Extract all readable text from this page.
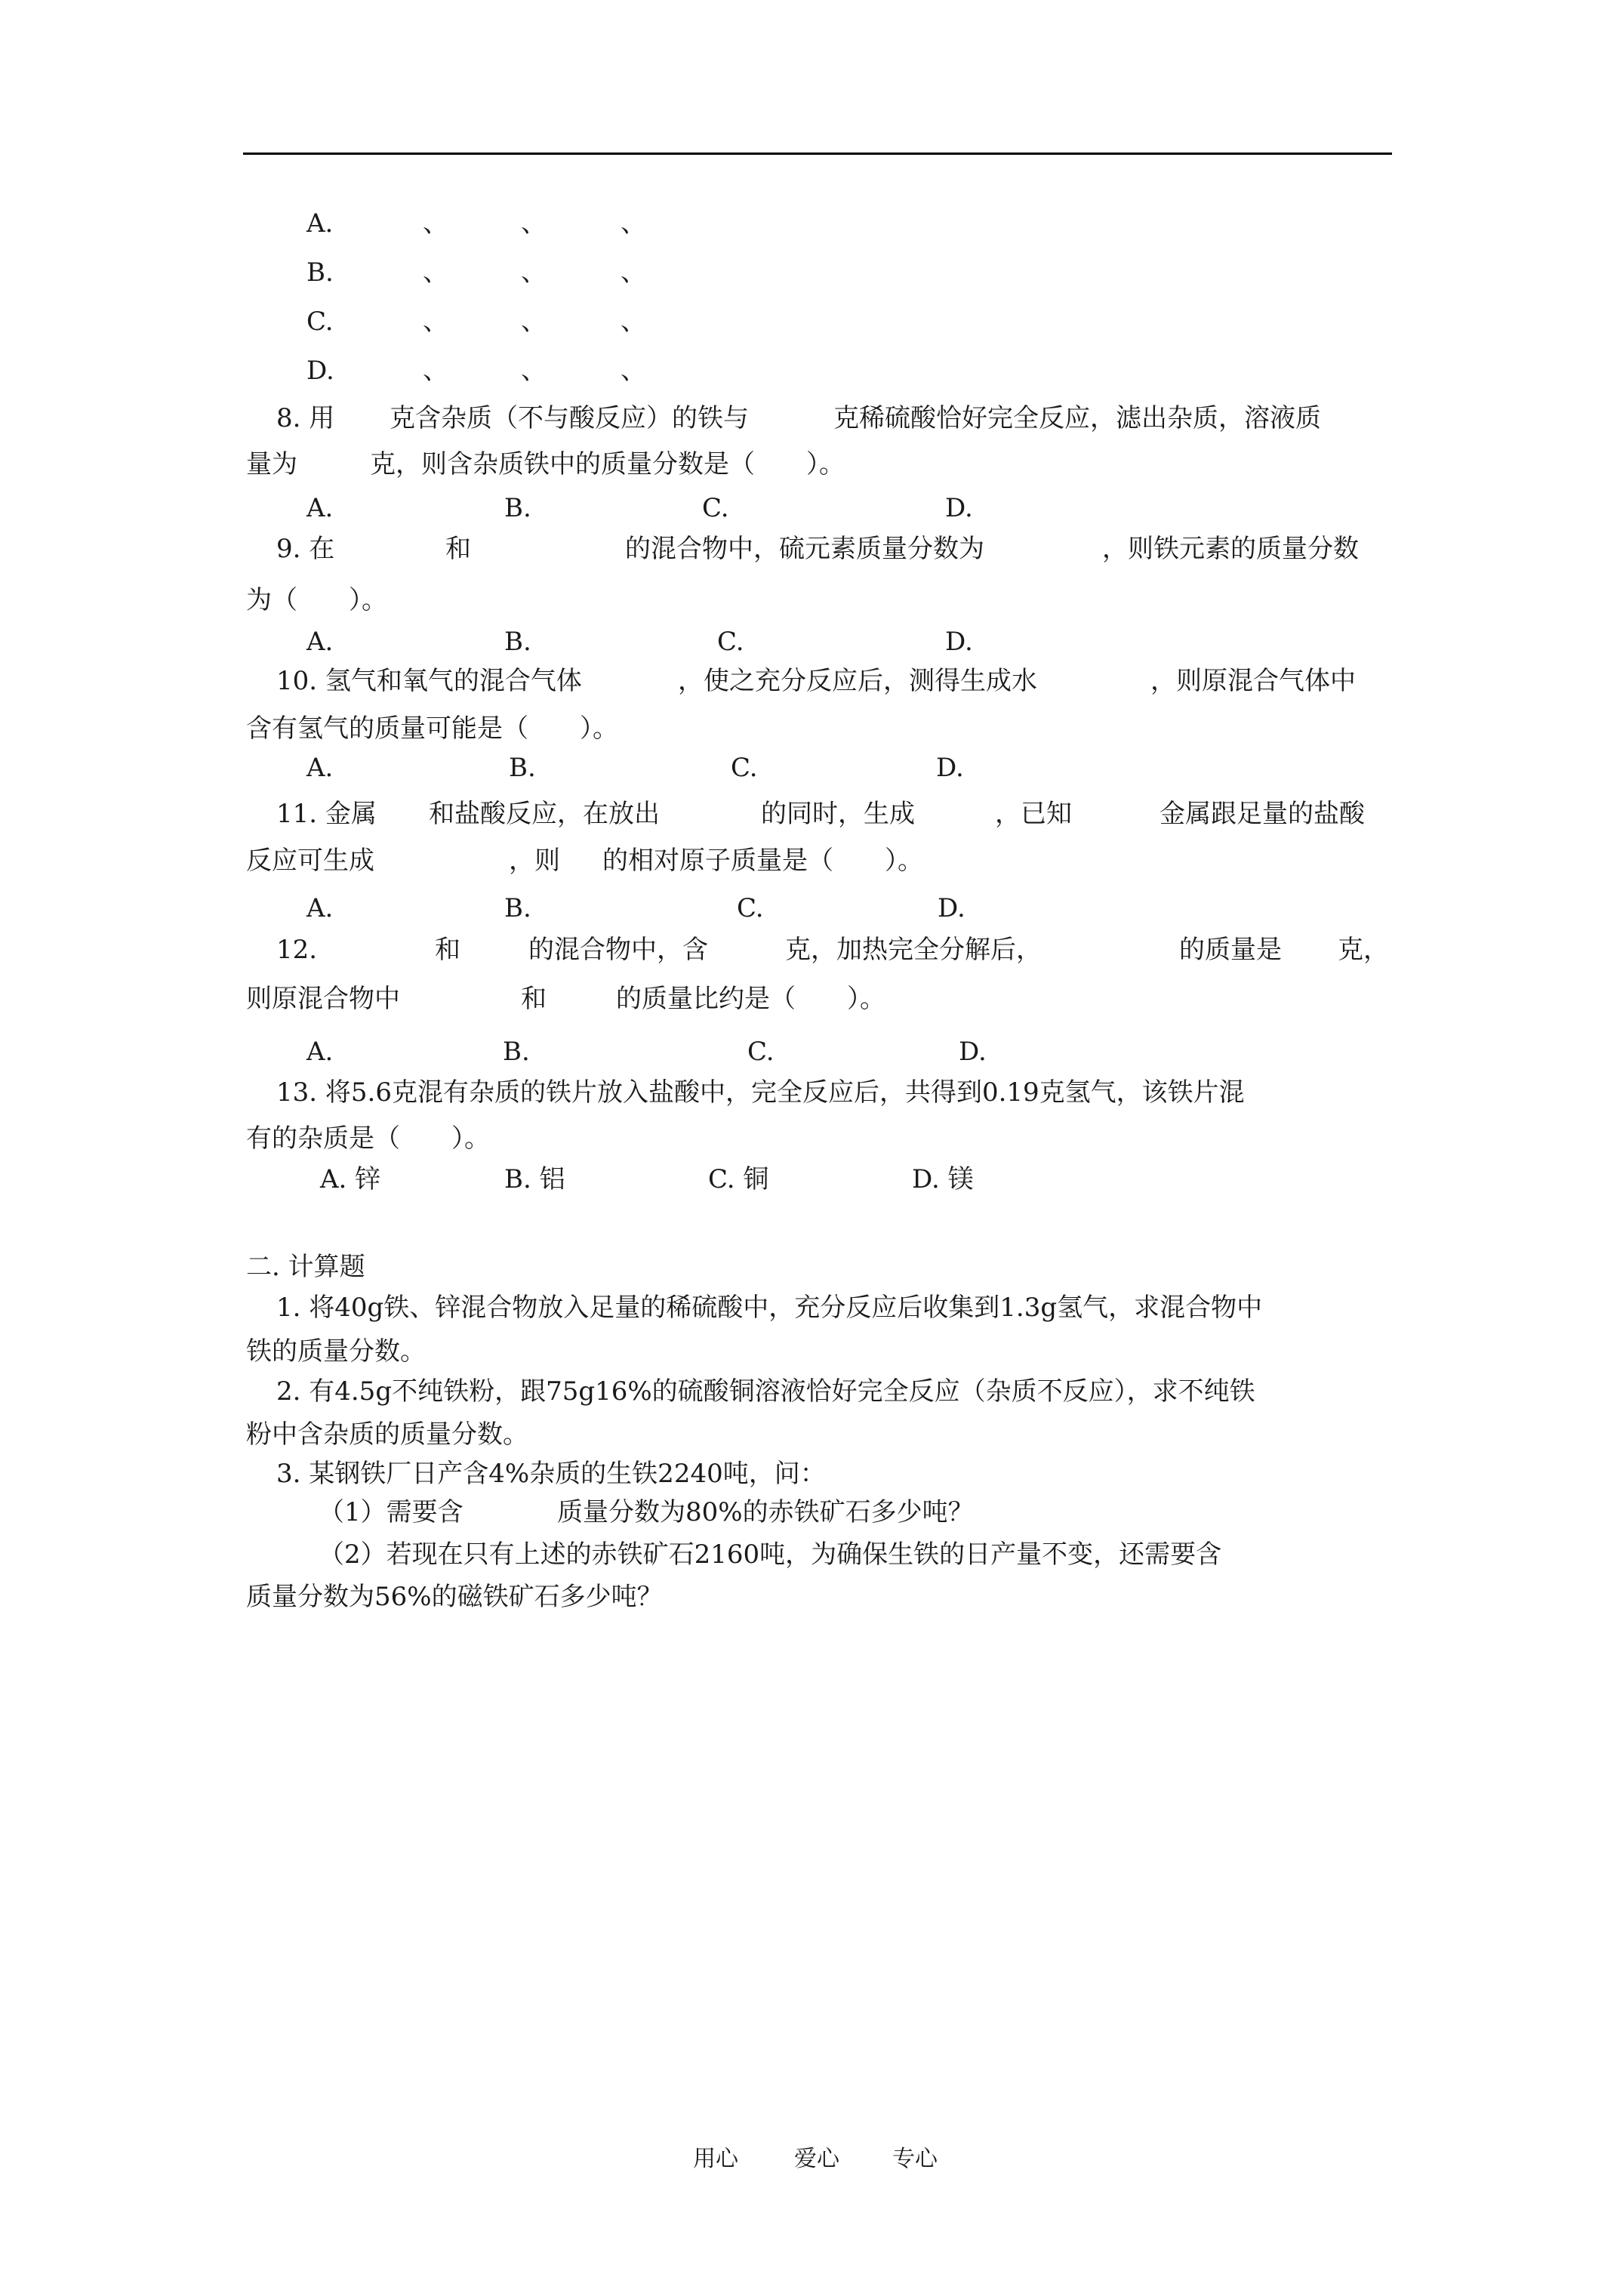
A.	、	、	、
B.	、	、	、
C.	、	、	、
D.	、	、	、
8. 用 克含杂质（不与酸反应）的铁与	克稀硫酸恰好完全反应，滤出杂质，溶液质
量为	克，则含杂质铁中的质量分数是（　　）。
A.	B.	C.	D.
9. 在	和	的混合物中，硫元素质量分数为	，则铁元素的质量分数
为（　　）。
A.	B.	C.	D.
10. 氢气和氧气的混合气体	，使之充分反应后，测得生成水	，则原混合气体中
含有氢气的质量可能是（　　）。
A.	B.	C.	D.
11. 金属 和盐酸反应，在放出	的同时，生成	，已知	金属跟足量的盐酸
反应可生成	，则 的相对原子质量是（　　）。
A.	B.	C.	D.
12.	和	的混合物中，含	克，加热完全分解后，	的质量是 克，
则原混合物中	和	的质量比约是（　　）。
A.	B.	C.	D.
13. 将5.6克混有杂质的铁片放入盐酸中，完全反应后，共得到0.19克氢气，该铁片混
有的杂质是（　　）。
A. 锌	B. 铝	C. 铜	D. 镁
二. 计算题
1. 将40g铁、锌混合物放入足量的稀硫酸中，充分反应后收集到1.3g氢气，求混合物中
铁的质量分数。
2. 有4.5g不纯铁粉，跟75g16%的硫酸铜溶液恰好完全反应（杂质不反应），求不纯铁
粉中含杂质的质量分数。
3. 某钢铁厂日产含4%杂质的生铁2240吨，问：
（1）需要含	质量分数为80%的赤铁矿石多少吨？
（2）若现在只有上述的赤铁矿石2160吨，为确保生铁的日产量不变，还需要含
质量分数为56%的磁铁矿石多少吨？
用心 爱心 专心
